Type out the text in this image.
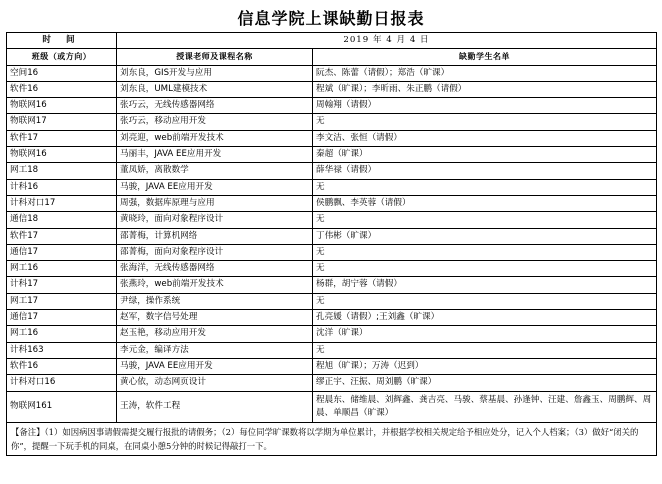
信息学院上课缺勤日报表
时 间	2019 年 4 月 4 日	
班级（或方向）	授课老师及课程名称	缺勤学生名单
空间16	刘东良，GIS开发与应用	阮杰、陈蕾（请假）；郑浩（旷课）
软件16	刘东良，UML建模技术	程斌（旷课）；李昕雨、朱正鹏（请假）
物联网16	张巧云，无线传感器网络	周翰翔（请假）
物联网17	张巧云，移动应用开发	无
软件17	刘亮迎，web前端开发技术	李文洁、张恒（请假）
物联网16	马丽丰，JAVA EE应用开发	秦超（旷课）
网工18	董凤娇，离散数学	薛华禄（请假）
计科16	马骏，JAVA EE应用开发	无
计科对口17	周强，数据库原理与应用	侯鹏飘、李英蓉（请假）
通信18	黄晓玲，面向对象程序设计	无
软件17	邵菁梅，计算机网络	丁伟彬（旷课）
通信17	邵菁梅，面向对象程序设计	无
网工16	张海洋，无线传感器网络	无
计科17	张燕玲，web前端开发技术	杨群，胡宁蓉（请假）
网工17	尹绿，操作系统	无
通信17	赵军，数字信号处理	孔亮媛（请假）;王刘鑫（旷课）
网工16	赵玉艳，移动应用开发	沈洋（旷课）
计科163	李元金，编译方法	无
软件16	马骏，JAVA EE应用开发	程旭（旷课）；万涛（迟到）
计科对口16	黄心依，动态网页设计	缪正宇、汪振、周刘鹏（旷课）
物联网161	王涛，软件工程	程晨东、储维晨、刘辉鑫、龚吉亮、马骏、蔡基晨、孙逢钟、汪建、詹鑫玉、周鹏辉、周晨、单顺昌（旷课）
【备注】（1）如因病因事请假需提交履行报批的请假务；（2）每位同学旷课数将以学期为单位累计，并根据学校相关规定给予相应处分，记入个人档案；（3）做好“闭关的你”，提醒一下玩手机的同桌，在同桌小憩5分钟的时候记得敲打一下。		
